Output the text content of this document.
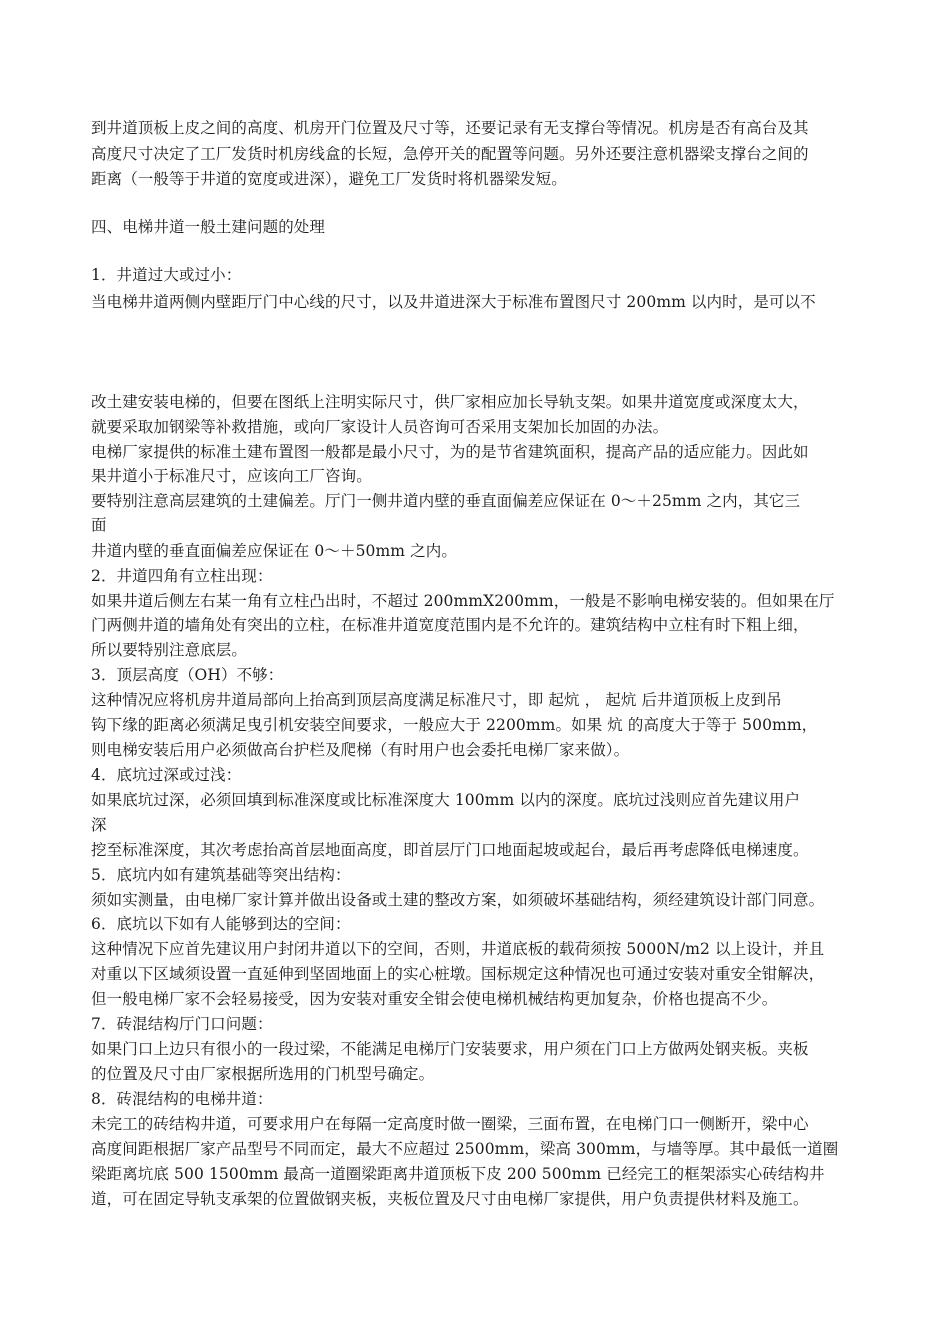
到井道顶板上皮之间的高度、机房开门位置及尺寸等，还要记录有无支撑台等情况。机房是否有高台及其
高度尺寸决定了工厂发货时机房线盒的长短，急停开关的配置等问题。另外还要注意机器梁支撑台之间的
距离（一般等于井道的宽度或进深），避免工厂发货时将机器梁发短。
四、电梯井道一般土建问题的处理
1．井道过大或过小：
当电梯井道两侧内壁距厅门中心线的尺寸，以及井道进深大于标准布置图尺寸 200mm 以内时，是可以不
改土建安装电梯的，但要在图纸上注明实际尺寸，供厂家相应加长导轨支架。如果井道宽度或深度太大，
就要采取加钢梁等补救措施，或向厂家设计人员咨询可否采用支架加长加固的办法。
电梯厂家提供的标准土建布置图一般都是最小尺寸，为的是节省建筑面积，提高产品的适应能力。因此如
果井道小于标准尺寸，应该向工厂咨询。
要特别注意高层建筑的土建偏差。厅门一侧井道内壁的垂直面偏差应保证在 0～＋25mm 之内，其它三
面
井道内壁的垂直面偏差应保证在 0～＋50mm 之内。
2．井道四角有立柱出现：
如果井道后侧左右某一角有立柱凸出时，不超过 200mmX200mm，一般是不影响电梯安装的。但如果在厅
门两侧井道的墙角处有突出的立柱，在标准井道宽度范围内是不允许的。建筑结构中立柱有时下粗上细，
所以要特别注意底层。
3．顶层高度（OH）不够：
这种情况应将机房井道局部向上抬高到顶层高度满足标准尺寸，即 起炕 ， 起炕 后井道顶板上皮到吊
钩下缘的距离必须满足曳引机安装空间要求，一般应大于 2200mm。如果 炕 的高度大于等于 500mm，
则电梯安装后用户必须做高台护栏及爬梯（有时用户也会委托电梯厂家来做）。
4．底坑过深或过浅：
如果底坑过深，必须回填到标准深度或比标准深度大 100mm 以内的深度。底坑过浅则应首先建议用户
深
挖至标准深度，其次考虑抬高首层地面高度，即首层厅门口地面起坡或起台，最后再考虑降低电梯速度。
5．底坑内如有建筑基础等突出结构：
须如实测量，由电梯厂家计算并做出设备或土建的整改方案，如须破坏基础结构，须经建筑设计部门同意。
6．底坑以下如有人能够到达的空间：
这种情况下应首先建议用户封闭井道以下的空间，否则，井道底板的载荷须按 5000N/m2 以上设计，并且
对重以下区域须设置一直延伸到坚固地面上的实心桩墩。国标规定这种情况也可通过安装对重安全钳解决，
但一般电梯厂家不会轻易接受，因为安装对重安全钳会使电梯机械结构更加复杂，价格也提高不少。
7．砖混结构厅门口问题：
如果门口上边只有很小的一段过梁，不能满足电梯厅门安装要求，用户须在门口上方做两处钢夹板。夹板
的位置及尺寸由厂家根据所选用的门机型号确定。
8．砖混结构的电梯井道：
未完工的砖结构井道，可要求用户在每隔一定高度时做一圈梁，三面布置，在电梯门口一侧断开，梁中心
高度间距根据厂家产品型号不同而定，最大不应超过 2500mm，梁高 300mm，与墙等厚。其中最低一道圈
梁距离坑底 500 1500mm 最高一道圈梁距离井道顶板下皮 200 500mm 已经完工的框架添实心砖结构井
道，可在固定导轨支承架的位置做钢夹板，夹板位置及尺寸由电梯厂家提供，用户负责提供材料及施工。
